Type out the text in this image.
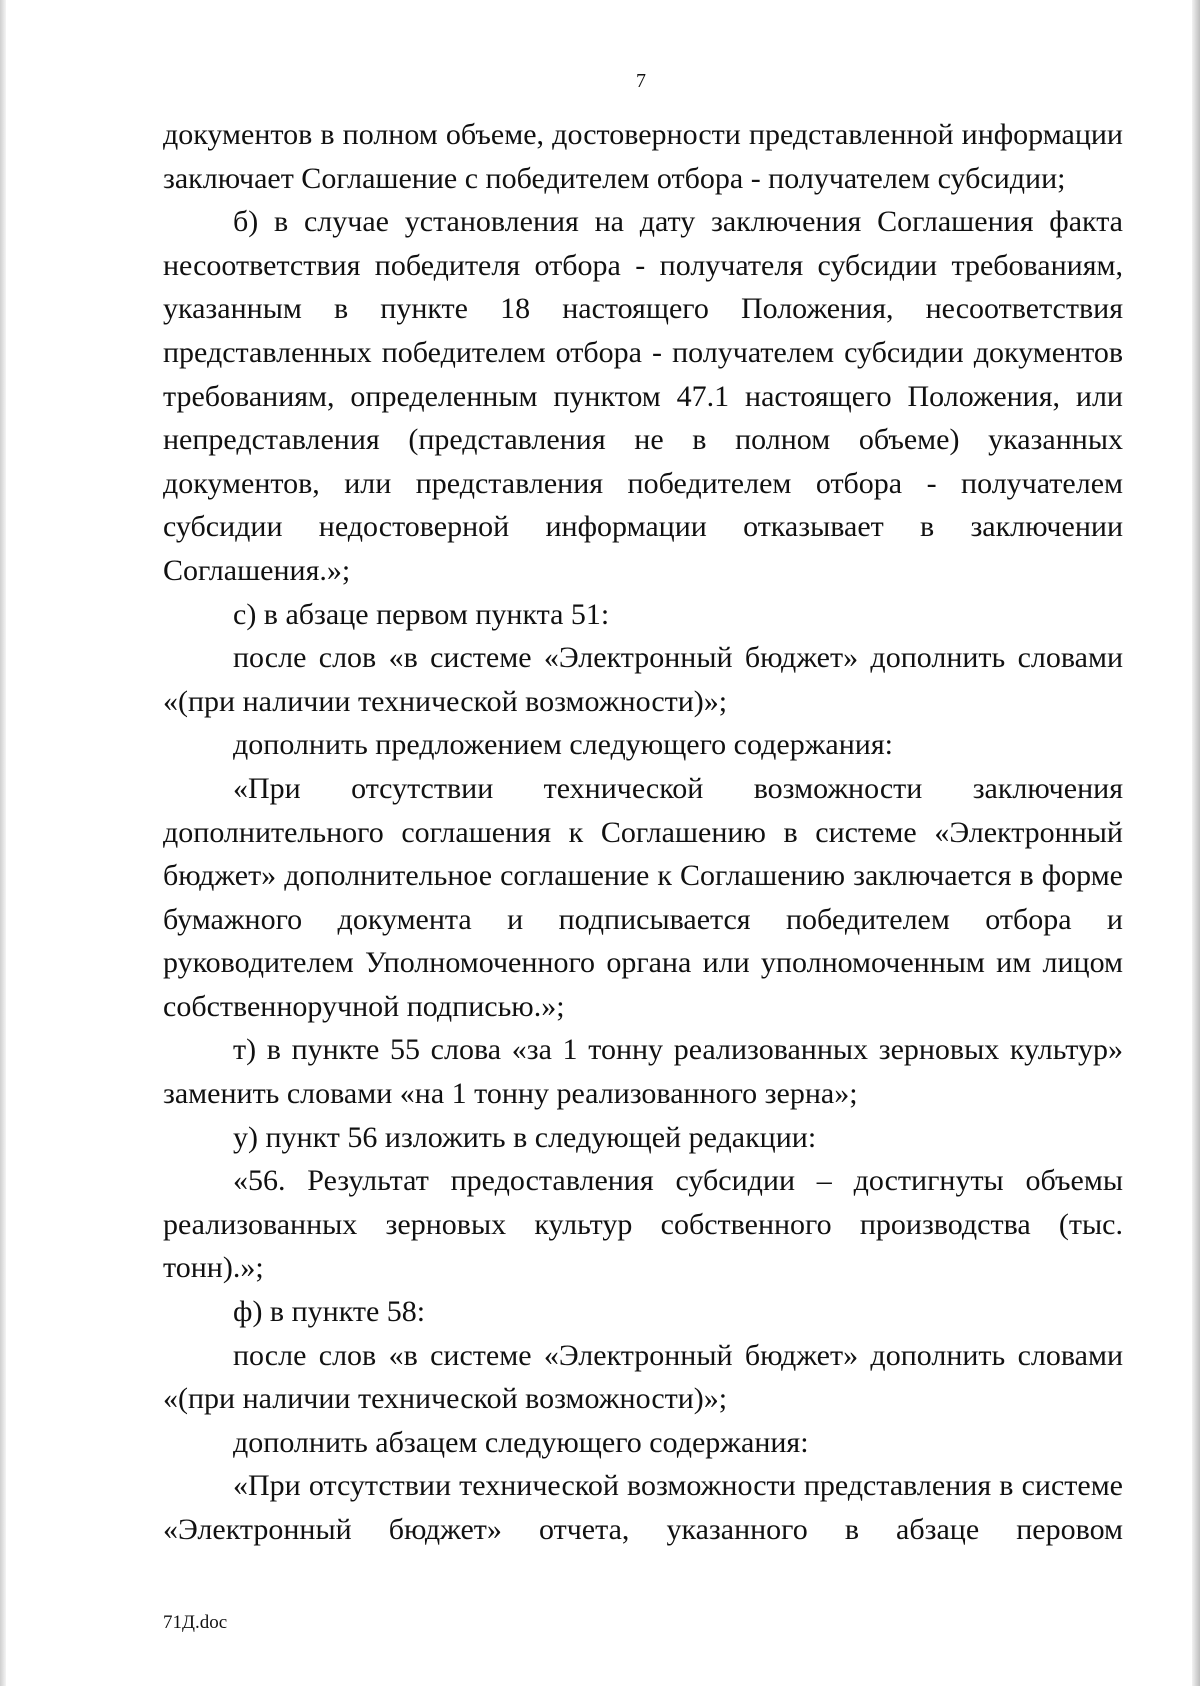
7

документов в полном объеме, достоверности представленной информации заключает Соглашение с победителем отбора - получателем субсидии;

б) в случае установления на дату заключения Соглашения факта несоответствия победителя отбора - получателя субсидии требованиям, указанным в пункте 18 настоящего Положения, несоответствия представленных победителем отбора - получателем субсидии документов требованиям, определенным пунктом 47.1 настоящего Положения, или непредставления (представления не в полном объеме) указанных документов, или представления победителем отбора - получателем субсидии недостоверной информации отказывает в заключении Соглашения.»;

с) в абзаце первом пункта 51:

после слов «в системе «Электронный бюджет» дополнить словами «(при наличии технической возможности)»;

дополнить предложением следующего содержания:

«При отсутствии технической возможности заключения дополнительного соглашения к Соглашению в системе «Электронный бюджет» дополнительное соглашение к Соглашению заключается в форме бумажного документа и подписывается победителем отбора и руководителем Уполномоченного органа или уполномоченным им лицом собственноручной подписью.»;

т) в пункте 55 слова «за 1 тонну реализованных зерновых культур» заменить словами «на 1 тонну реализованного зерна»;

у) пункт 56 изложить в следующей редакции:

«56. Результат предоставления субсидии – достигнуты объемы реализованных зерновых культур собственного производства (тыс. тонн).»;

ф) в пункте 58:

после слов «в системе «Электронный бюджет» дополнить словами «(при наличии технической возможности)»;

дополнить абзацем следующего содержания:

«При отсутствии технической возможности представления в системе «Электронный бюджет» отчета, указанного в абзаце перовом

71Д.doc
